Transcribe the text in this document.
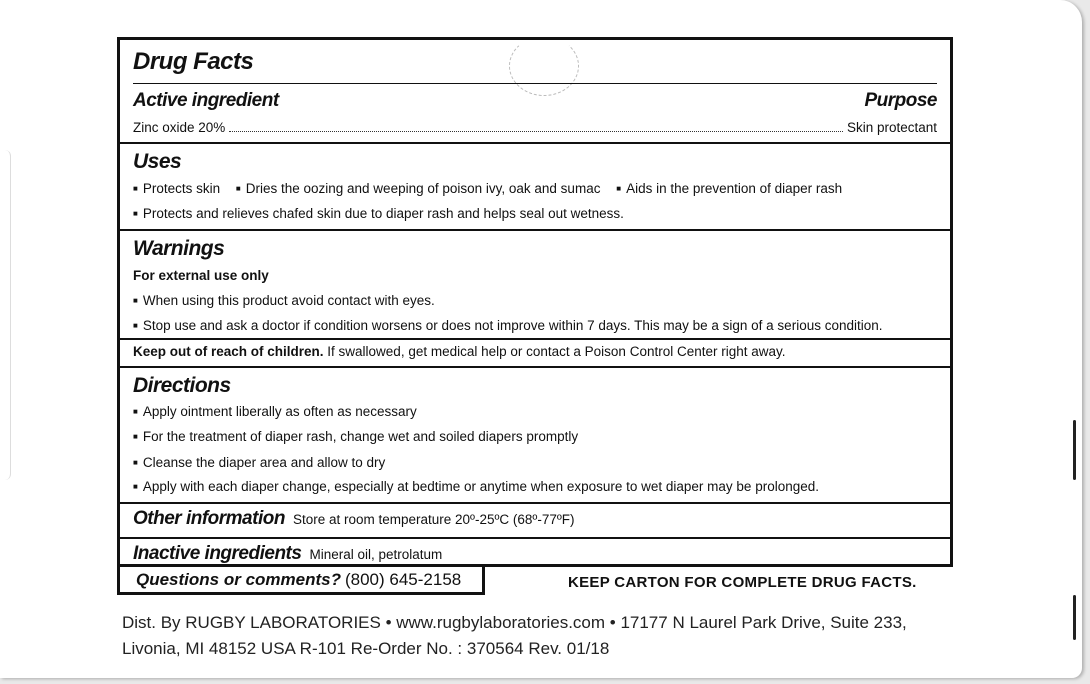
Drug Facts
Active ingredient	Purpose
Zinc oxide 20%	Skin protectant
Uses
■ Protects skin ■ Dries the oozing and weeping of poison ivy, oak and sumac ■ Aids in the prevention of diaper rash
■ Protects and relieves chafed skin due to diaper rash and helps seal out wetness.
Warnings
For external use only
■ When using this product avoid contact with eyes.
■ Stop use and ask a doctor if condition worsens or does not improve within 7 days. This may be a sign of a serious condition.
Keep out of reach of children. If swallowed, get medical help or contact a Poison Control Center right away.
Directions
■ Apply ointment liberally as often as necessary
■ For the treatment of diaper rash, change wet and soiled diapers promptly
■ Cleanse the diaper area and allow to dry
■ Apply with each diaper change, especially at bedtime or anytime when exposure to wet diaper may be prolonged.
Other information Store at room temperature 20º-25ºC (68º-77ºF)
Inactive ingredients Mineral oil, petrolatum
Questions or comments? (800) 645-2158	KEEP CARTON FOR COMPLETE DRUG FACTS.
Dist. By RUGBY LABORATORIES • www.rugbylaboratories.com • 17177 N Laurel Park Drive, Suite 233,
Livonia, MI 48152 USA R-101 Re-Order No. : 370564 Rev. 01/18
